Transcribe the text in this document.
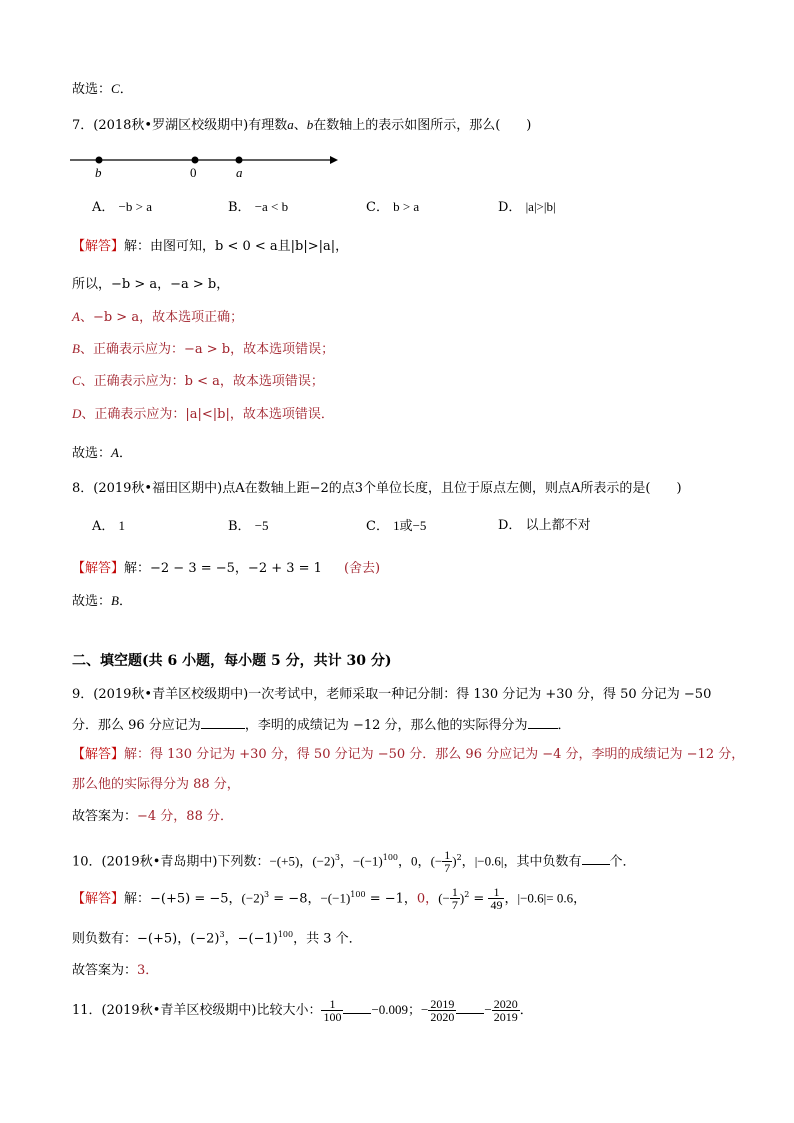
故选：C．
7．(2018秋•罗湖区校级期中)有理数a、b在数轴上的表示如图所示，那么( )
b	0	a
A． −b > a	B． −a < b	C． b > a	D． |a|>|b|
【解答】解：由图可知，b < 0 < a且|b|>|a|，
所以，−b > a，−a > b，
A、−b > a，故本选项正确；
B、正确表示应为：−a > b，故本选项错误；
C、正确表示应为：b < a，故本选项错误；
D、正确表示应为：|a|<|b|，故本选项错误．
故选：A．
8．(2019秋•福田区期中)点A在数轴上距−2的点3个单位长度，且位于原点左侧，则点A所表示的是( )
A． 1	B． −5	C． 1或−5	D． 以上都不对
【解答】解：−2 − 3 = −5，−2 + 3 = 1 (舍去)
故选：B．
二、填空题(共 6 小题，每小题 5 分，共计 30 分)
9．(2019秋•青羊区校级期中)一次考试中，老师采取一种记分制：得 130 分记为 +30 分，得 50 分记为 −50
分．那么 96 分应记为	，李明的成绩记为 −12 分，那么他的实际得分为 ．
【解答】解：得 130 分记为 +30 分，得 50 分记为 −50 分．那么 96 分应记为 −4 分，李明的成绩记为 −12 分，
那么他的实际得分为 88 分，
故答案为：−4 分，88 分．
10．(2019秋•青岛期中)下列数：−(+5)，$(-2)^3$，$-(-1)^{100}$，0，(− $\frac{1}{7} )^2$，|−0.6|，其中负数有 个．
【解答】解：−(+5) = −5，$(-2)^3 = -8$，$-(-1)^{100} = -1$，0，(− $\frac{1}{7} )^2 = \frac{1}{49}$ ，|−0.6|= 0.6，
则负数有：−(+5)，$(-2)^3$，$-(-1)^{100}$，共 3 个．
故答案为：3．
11．(2019秋•青羊区校级期中)比较大小： $\frac{1}{100} -0.009$；− $\frac{2019}{2020} - \frac{2020}{2019}$ ．
